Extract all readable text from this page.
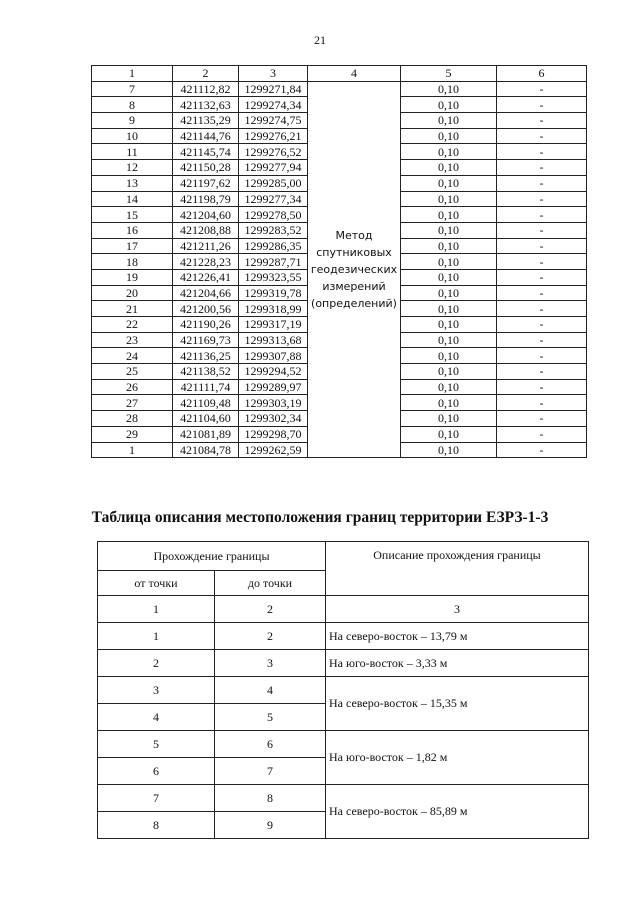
21
1	2	3	4	5	6
7	421112,82	1299271,84	Метод спутниковых геодезических измерений (определений)	0,10	-
8	421132,63	1299274,34		0,10	-
9	421135,29	1299274,75		0,10	-
10	421144,76	1299276,21		0,10	-
11	421145,74	1299276,52		0,10	-
12	421150,28	1299277,94		0,10	-
13	421197,62	1299285,00		0,10	-
14	421198,79	1299277,34		0,10	-
15	421204,60	1299278,50		0,10	-
16	421208,88	1299283,52		0,10	-
17	421211,26	1299286,35		0,10	-
18	421228,23	1299287,71		0,10	-
19	421226,41	1299323,55		0,10	-
20	421204,66	1299319,78		0,10	-
21	421200,56	1299318,99		0,10	-
22	421190,26	1299317,19		0,10	-
23	421169,73	1299313,68		0,10	-
24	421136,25	1299307,88		0,10	-
25	421138,52	1299294,52		0,10	-
26	421111,74	1299289,97		0,10	-
27	421109,48	1299303,19		0,10	-
28	421104,60	1299302,34		0,10	-
29	421081,89	1299298,70		0,10	-
1	421084,78	1299262,59		0,10	-
Таблица описания местоположения границ территории ЕЗРЗ-1-3
Прохождение границы		Описание прохождения границы
от точки	до точки	
1	2	3
1	2	На северо-восток – 13,79 м
2	3	На юго-восток – 3,33 м
3	4	На северо-восток – 15,35 м
4	5	
5	6	На юго-восток – 1,82 м
6	7	
7	8	На северо-восток – 85,89 м
8	9	
